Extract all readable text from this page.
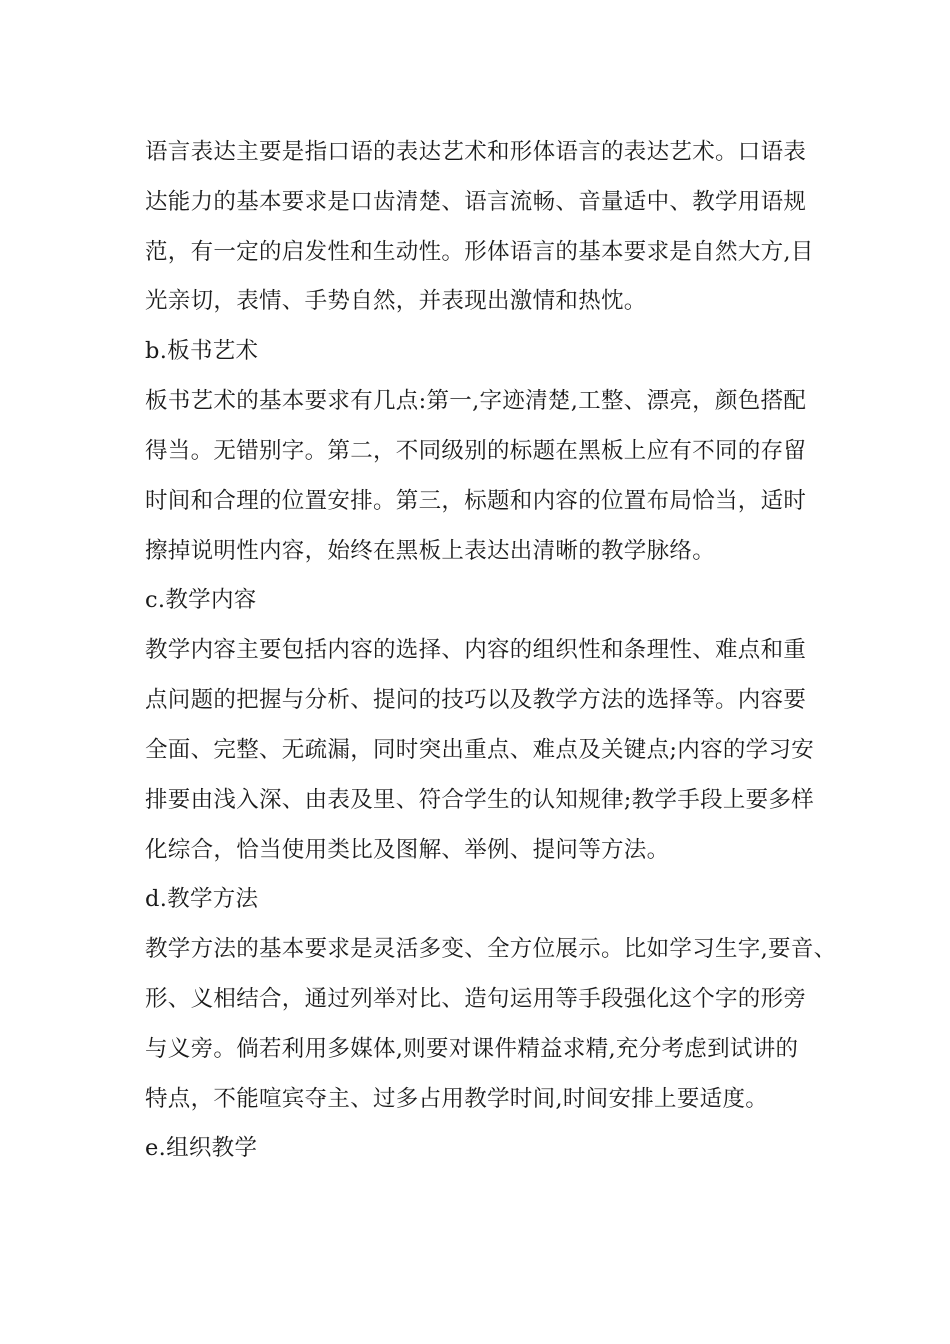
语言表达主要是指口语的表达艺术和形体语言的表达艺术。口语表
达能力的基本要求是口齿清楚、语言流畅、音量适中、教学用语规
范，有一定的启发性和生动性。形体语言的基本要求是自然大方,目
光亲切，表情、手势自然，并表现出激情和热忱。
b.板书艺术
板书艺术的基本要求有几点:第一,字迹清楚,工整、漂亮，颜色搭配
得当。无错别字。第二，不同级别的标题在黑板上应有不同的存留
时间和合理的位置安排。第三，标题和内容的位置布局恰当，适时
擦掉说明性内容，始终在黑板上表达出清晰的教学脉络。
c.教学内容
教学内容主要包括内容的选择、内容的组织性和条理性、难点和重
点问题的把握与分析、提问的技巧以及教学方法的选择等。内容要
全面、完整、无疏漏，同时突出重点、难点及关键点;内容的学习安
排要由浅入深、由表及里、符合学生的认知规律;教学手段上要多样
化综合，恰当使用类比及图解、举例、提问等方法。
d.教学方法
教学方法的基本要求是灵活多变、全方位展示。比如学习生字,要音、
形、义相结合，通过列举对比、造句运用等手段强化这个字的形旁
与义旁。倘若利用多媒体,则要对课件精益求精,充分考虑到试讲的
特点，不能喧宾夺主、过多占用教学时间,时间安排上要适度。
e.组织教学
